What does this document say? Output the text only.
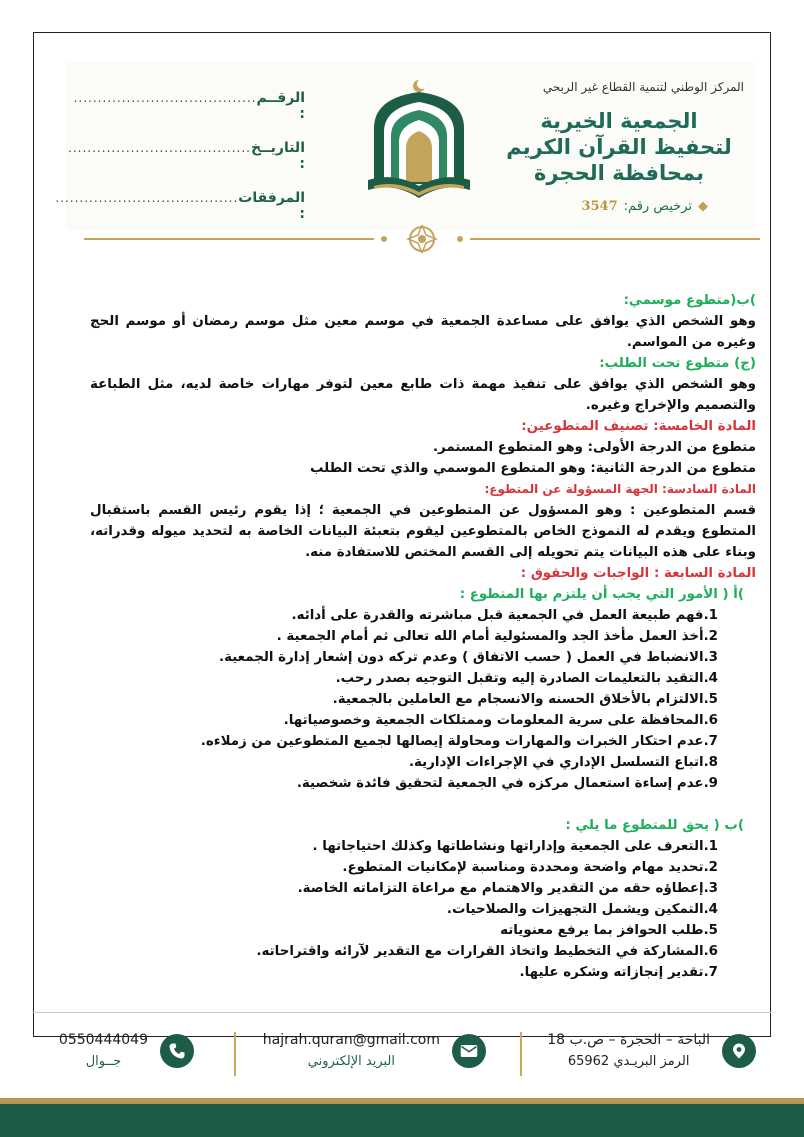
المركز الوطني لتنمية القطاع غير الربحي
الجمعية الخيرية
لتحفيظ القرآن الكريم
بمحافظة الحجرة
◆ترخيص رقم:3547
الرقــم :
......................................
التاريــخ :
......................................
المرفقات :
......................................

)ب(متطوع موسمي:

وهو الشخص الذي يوافق على مساعدة الجمعية في موسم معين مثل موسم رمضان أو موسم الحج وغيره من المواسم.

(ج) متطوع تحت الطلب:

وهو الشخص الذي يوافق على تنفيذ مهمة ذات طابع معين لتوفر مهارات خاصة لديه، مثل الطباعة والتصميم والإخراج وغيره.

المادة الخامسة: تصنيف المتطوعين:

متطوع من الدرجة الأولى: وهو المتطوع المستمر.

متطوع من الدرجة الثانية: وهو المتطوع الموسمي والذي تحت الطلب

المادة السادسة: الجهة المسؤولة عن المتطوع:

قسم المتطوعين : وهو المسؤول عن المتطوعين في الجمعية ؛ إذا يقوم رئيس القسم باستقبال المتطوع ويقدم له النموذج الخاص بالمتطوعين ليقوم بتعبئة البيانات الخاصة به لتحديد ميوله وقدراته، وبناء على هذه البيانات يتم تحويله إلى القسم المختص للاستفادة منه.

المادة السابعة : الواجبات والحقوق :

)أ ( الأمور التي يجب أن يلتزم بها المتطوع :

1.فهم طبيعة العمل في الجمعية قبل مباشرته والقدرة على أدائه.
2.أخذ العمل مأخذ الجد والمسئولية أمام الله تعالى ثم أمام الجمعية .
3.الانضباط في العمل ( حسب الاتفاق ) وعدم تركه دون إشعار إدارة الجمعية.
4.التقيد بالتعليمات الصادرة إليه وتقبل التوجيه بصدر رحب.
5.الالتزام بالأخلاق الحسنه والانسجام مع العاملين بالجمعية.
6.المحافظة على سرية المعلومات وممتلكات الجمعية وخصوصياتها.
7.عدم احتكار الخبرات والمهارات ومحاولة إيصالها لجميع المتطوعين من زملاءه.
8.اتباع التسلسل الإداري في الإجراءات الإدارية.
9.عدم إساءة استعمال مركزه في الجمعية لتحقيق فائدة شخصية.

)ب ( يحق للمتطوع ما يلي :

1.التعرف على الجمعية وإداراتها ونشاطاتها وكذلك احتياجاتها .
2.تحديد مهام واضحة ومحددة ومناسبة لإمكانيات المتطوع.
3.إعطاؤه حقه من التقدير والاهتمام مع مراعاة التزاماته الخاصة.
4.التمكين ويشمل التجهيزات والصلاحيات.
5.طلب الحوافز بما يرفع معنوياته
6.المشاركة في التخطيط واتخاذ القرارات مع التقدير لآرائه واقتراحاته.
7.تقدير إنجازاته وشكره عليها.
الباحة – الحجرة – ص.ب 18
الرمز البريـدي 65962
hajrah.quran@gmail.com
البريد الإلكتروني
0550444049
جــوال
